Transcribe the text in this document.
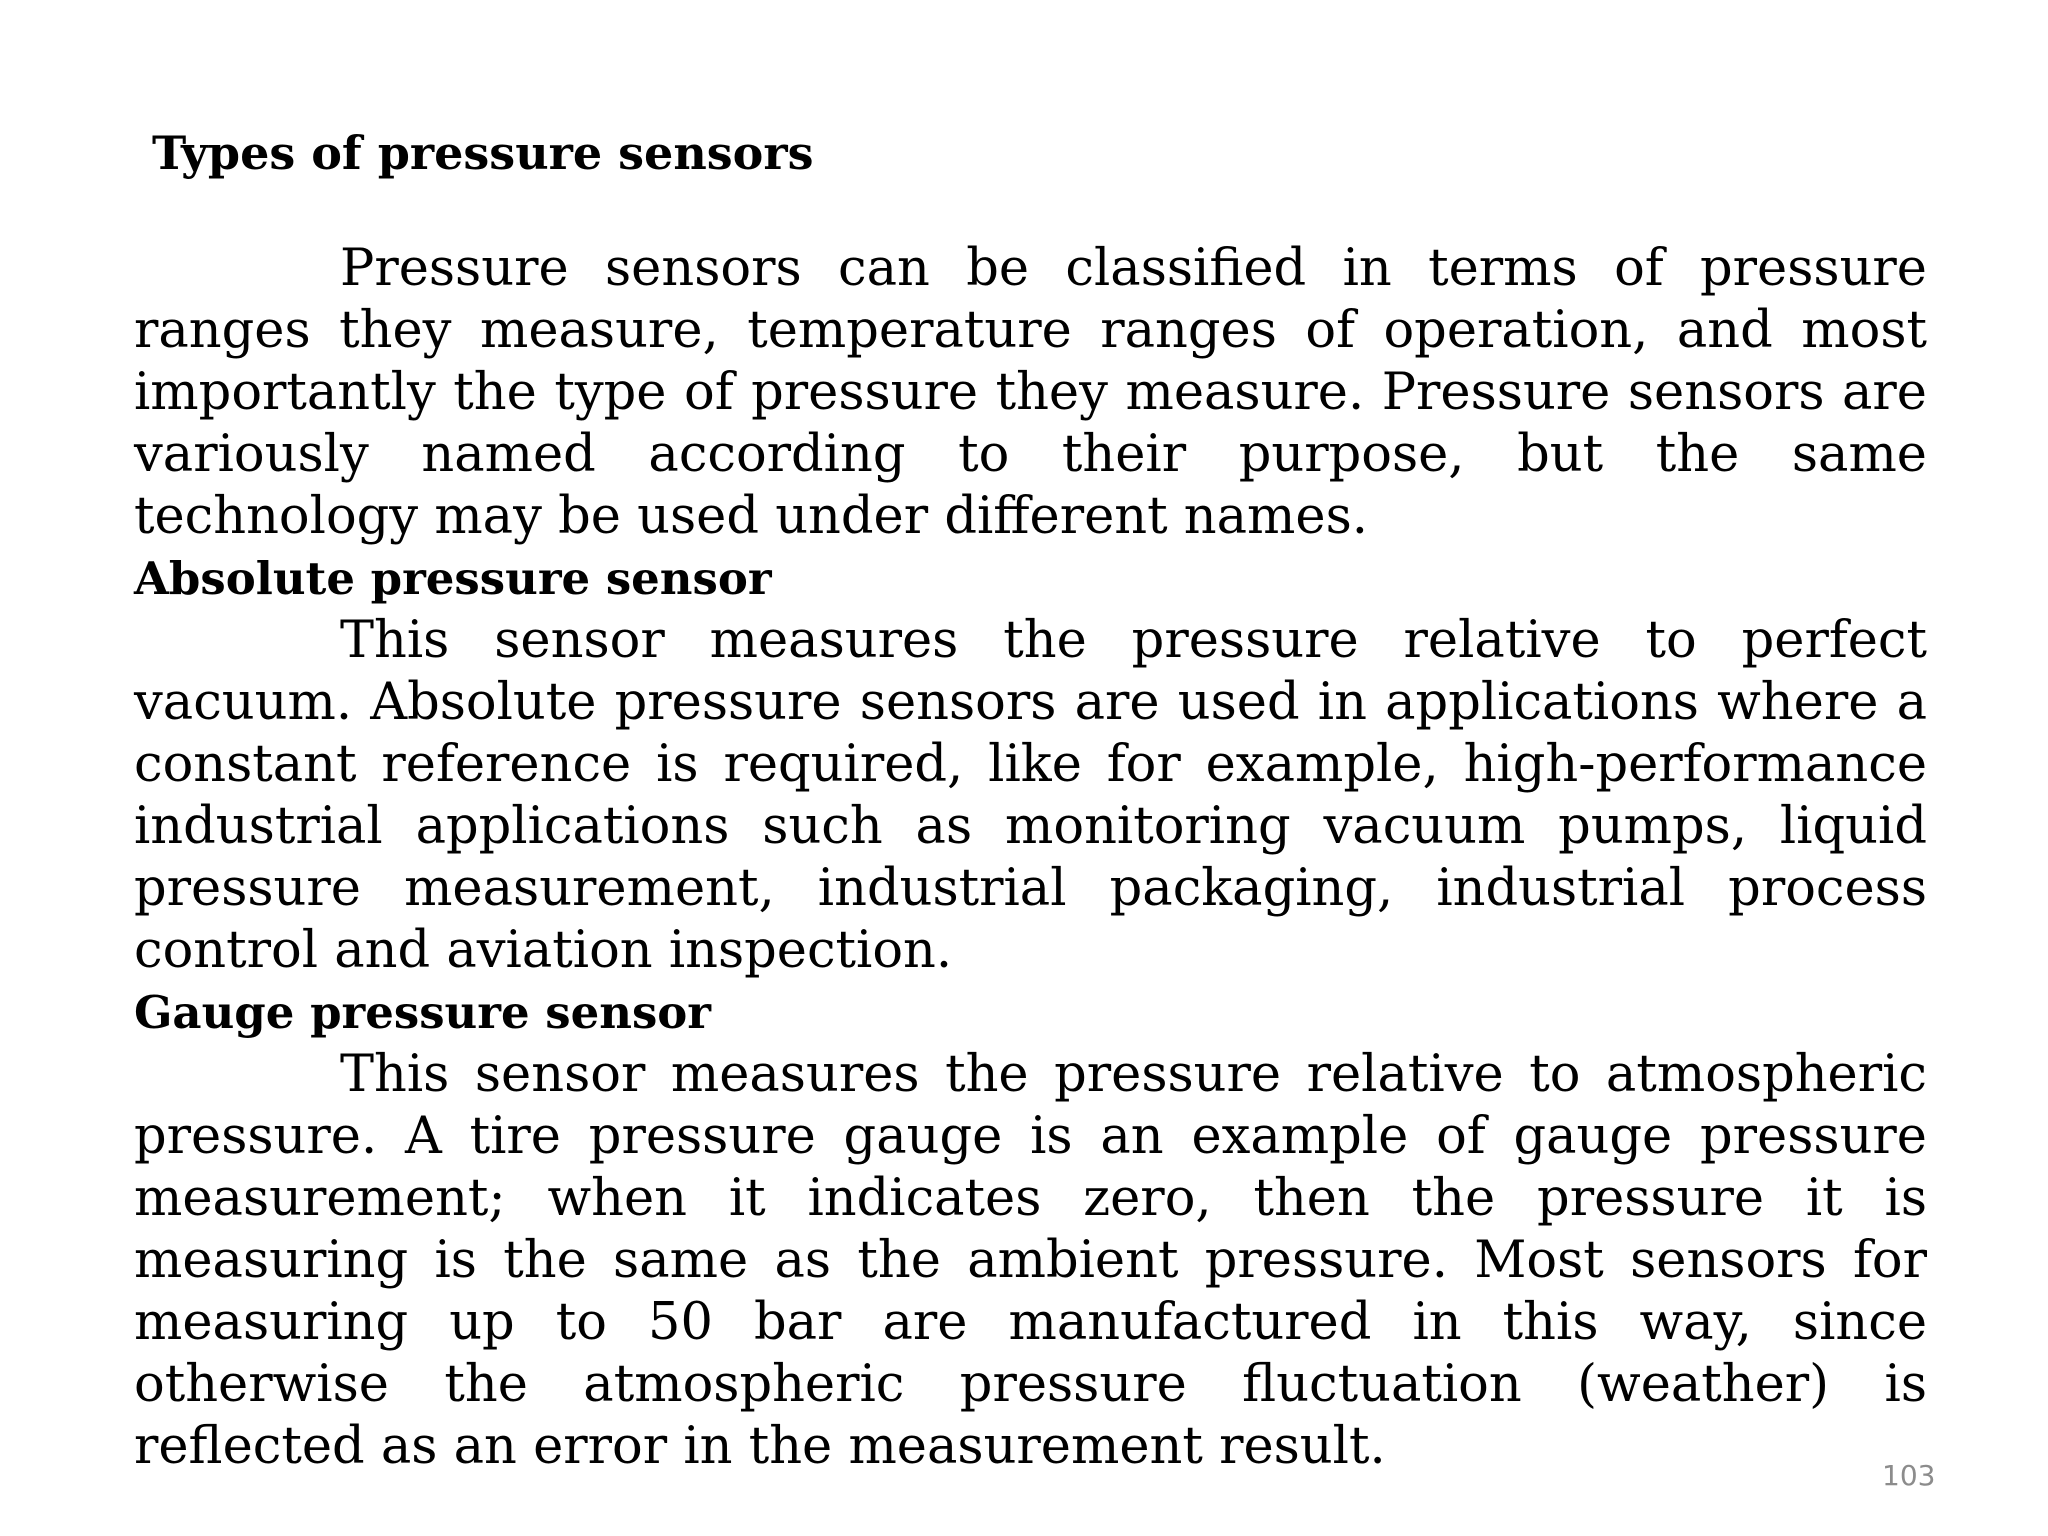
Types of pressure sensors

Pressure sensors can be classified in terms of pressure ranges they measure, temperature ranges of operation, and most importantly the type of pressure they measure. Pressure sensors are variously named according to their purpose, but the same technology may be used under different names.

Absolute pressure sensor

This sensor measures the pressure relative to perfect vacuum. Absolute pressure sensors are used in applications where a constant reference is required, like for example, high-performance industrial applications such as monitoring vacuum pumps, liquid pressure measurement, industrial packaging, industrial process control and aviation inspection.

Gauge pressure sensor

This sensor measures the pressure relative to atmospheric pressure. A tire pressure gauge is an example of gauge pressure measurement; when it indicates zero, then the pressure it is measuring is the same as the ambient pressure. Most sensors for measuring up to 50 bar are manufactured in this way, since otherwise the atmospheric pressure fluctuation (weather) is reflected as an error in the measurement result.	103
